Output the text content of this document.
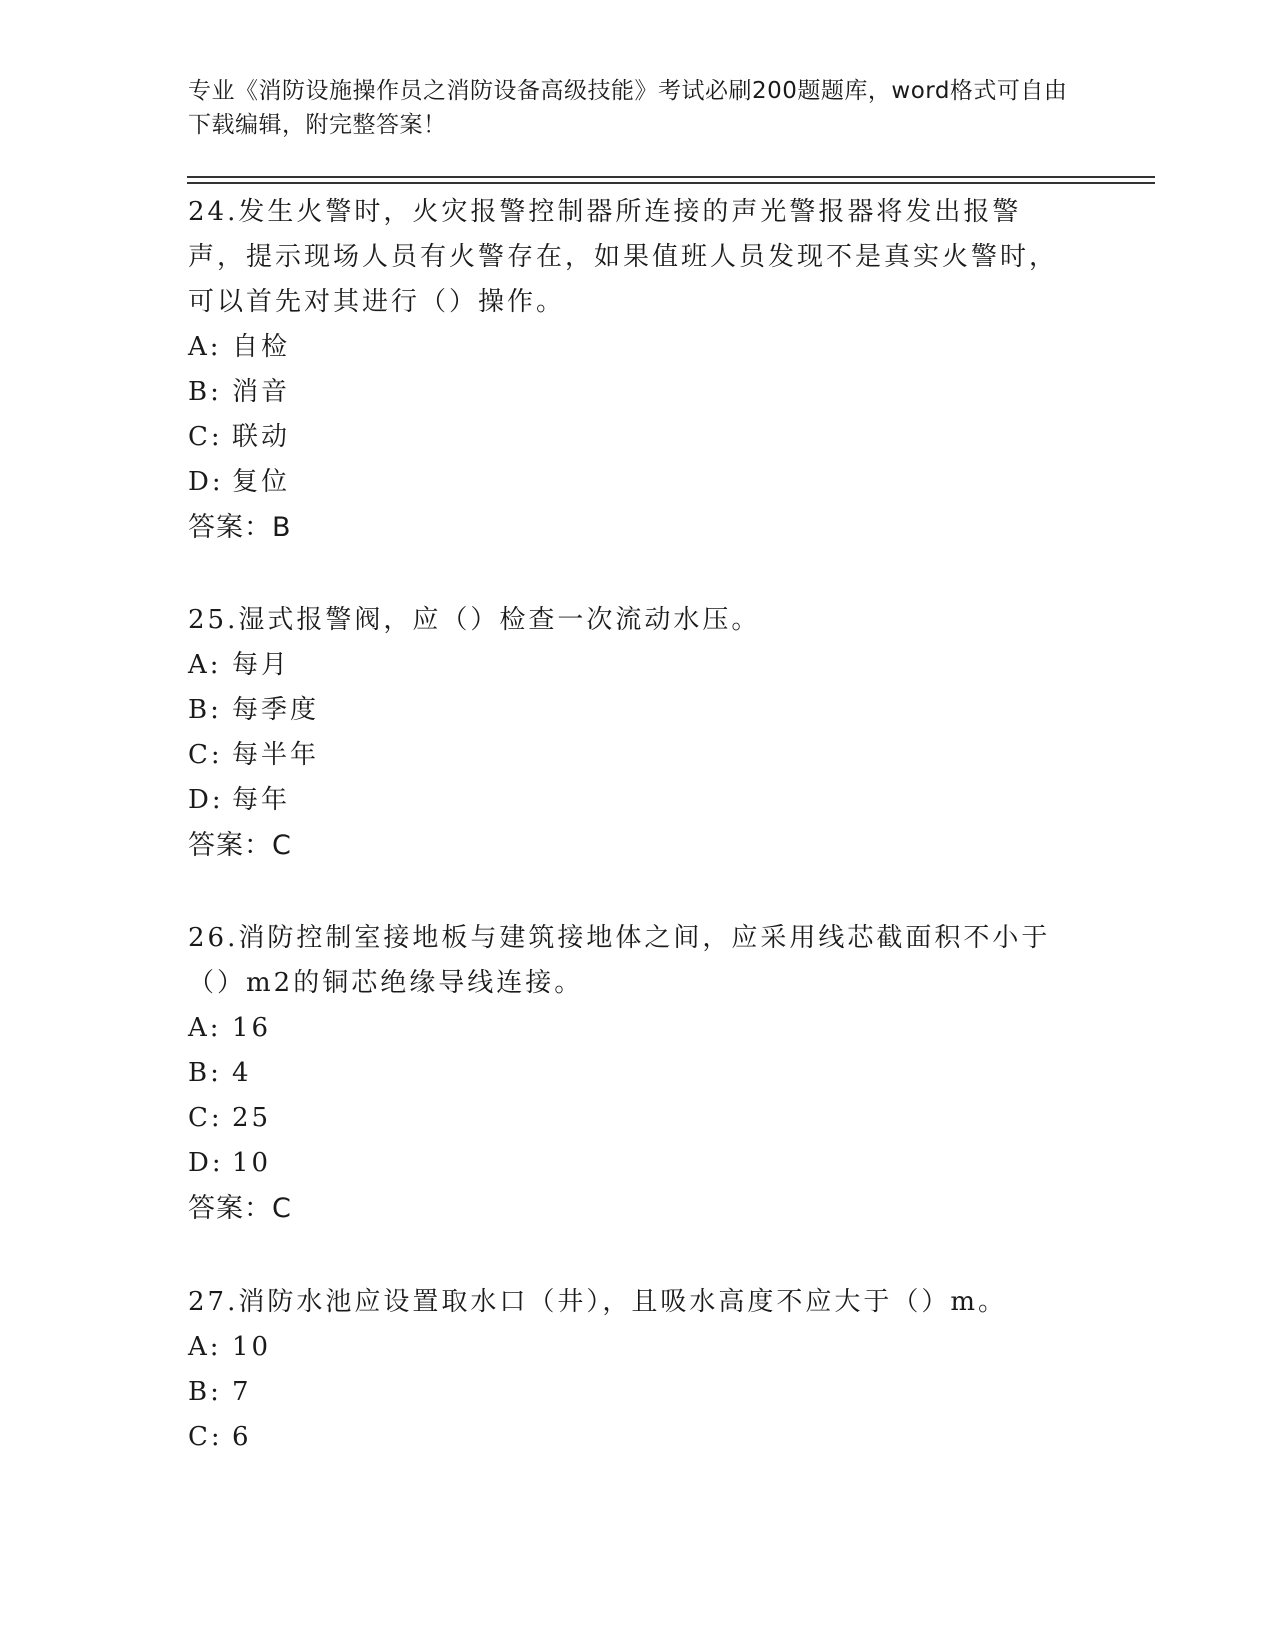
专业《消防设施操作员之消防设备高级技能》考试必刷200题题库，word格式可自由下载编辑，附完整答案！

24.发生火警时，火灾报警控制器所连接的声光警报器将发出报警声，提示现场人员有火警存在，如果值班人员发现不是真实火警时，可以首先对其进行（）操作。

A: 自检

B: 消音

C: 联动

D: 复位

答案：B

25.湿式报警阀，应（）检查一次流动水压。

A: 每月

B: 每季度

C: 每半年

D: 每年

答案：C

26.消防控制室接地板与建筑接地体之间，应采用线芯截面积不小于（）m2的铜芯绝缘导线连接。

A: 16

B: 4

C: 25

D: 10

答案：C

27.消防水池应设置取水口（井），且吸水高度不应大于（）m。

A: 10

B: 7

C: 6
